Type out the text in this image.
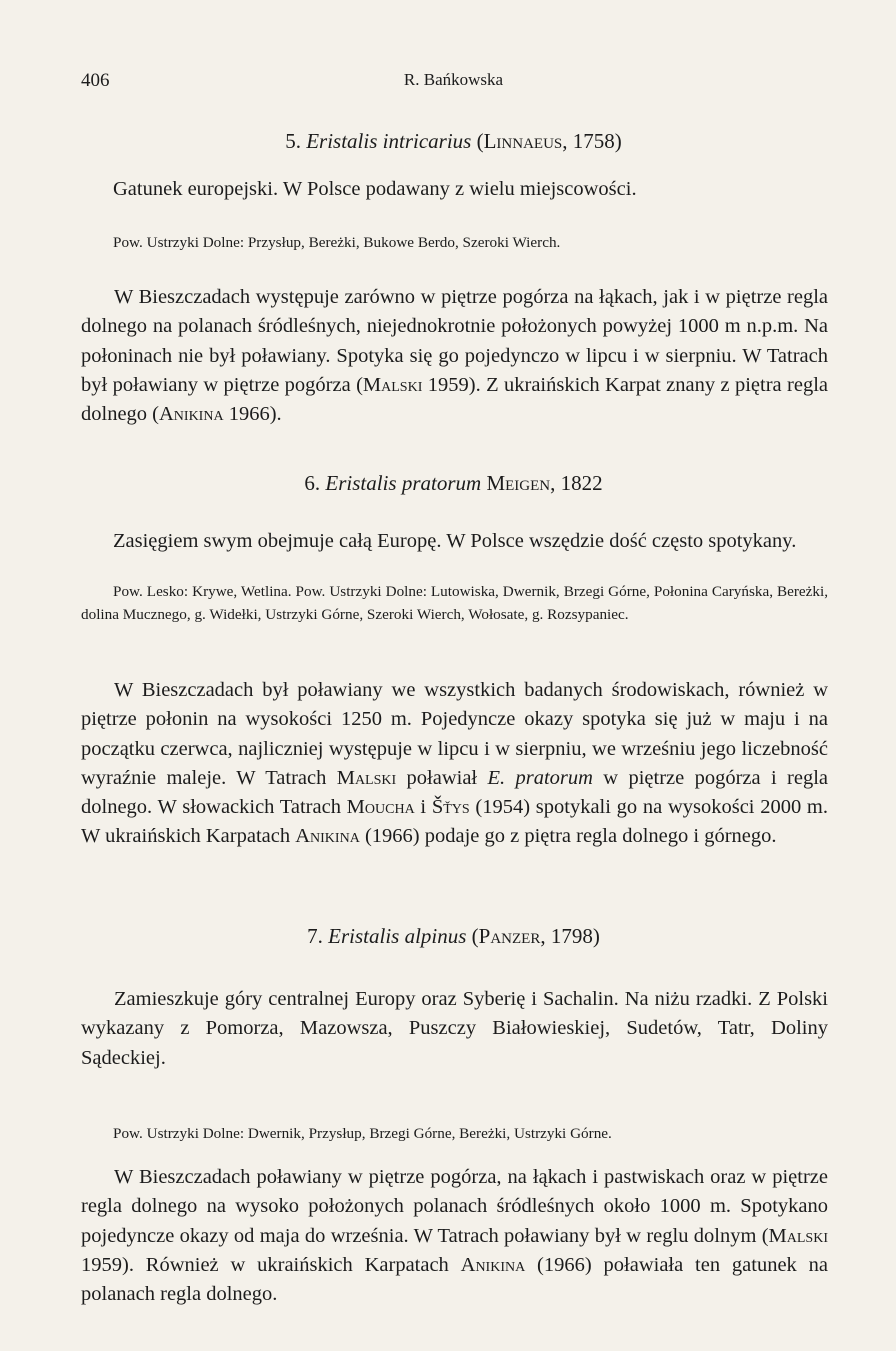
406	R. Bańkowska
5. Eristalis intricarius (Linnaeus, 1758)
Gatunek europejski. W Polsce podawany z wielu miejscowości.
Pow. Ustrzyki Dolne: Przysłup, Bereżki, Bukowe Berdo, Szeroki Wierch.
W Bieszczadach występuje zarówno w piętrze pogórza na łąkach, jak i w piętrze regla dolnego na polanach śródleśnych, niejednokrotnie położonych powyżej 1000 m n.p.m. Na połoninach nie był poławiany. Spotyka się go pojedynczo w lipcu i w sierpniu. W Tatrach był poławiany w piętrze pogórza (Malski 1959). Z ukraińskich Karpat znany z piętra regla dolnego (Anikina 1966).
6. Eristalis pratorum Meigen, 1822
Zasięgiem swym obejmuje całą Europę. W Polsce wszędzie dość często spotykany.
Pow. Lesko: Krywe, Wetlina. Pow. Ustrzyki Dolne: Lutowiska, Dwernik, Brzegi Górne, Połonina Caryńska, Bereżki, dolina Mucznego, g. Widełki, Ustrzyki Górne, Szeroki Wierch, Wołosate, g. Rozsypaniec.
W Bieszczadach był poławiany we wszystkich badanych środowiskach, również w piętrze połonin na wysokości 1250 m. Pojedyncze okazy spotyka się już w maju i na początku czerwca, najliczniej występuje w lipcu i w sierpniu, we wrześniu jego liczebność wyraźnie maleje. W Tatrach Malski poławiał E. pratorum w piętrze pogórza i regla dolnego. W słowackich Tatrach Moucha i Šťys (1954) spotykali go na wysokości 2000 m. W ukraińskich Karpatach Anikina (1966) podaje go z piętra regla dolnego i górnego.
7. Eristalis alpinus (Panzer, 1798)
Zamieszkuje góry centralnej Europy oraz Syberię i Sachalin. Na niżu rzadki. Z Polski wykazany z Pomorza, Mazowsza, Puszczy Białowieskiej, Sudetów, Tatr, Doliny Sądeckiej.
Pow. Ustrzyki Dolne: Dwernik, Przysłup, Brzegi Górne, Bereżki, Ustrzyki Górne.
W Bieszczadach poławiany w piętrze pogórza, na łąkach i pastwiskach oraz w piętrze regla dolnego na wysoko położonych polanach śródleśnych około 1000 m. Spotykano pojedyncze okazy od maja do września. W Tatrach poławiany był w reglu dolnym (Malski 1959). Również w ukraińskich Karpatach Anikina (1966) poławiała ten gatunek na polanach regla dolnego.
